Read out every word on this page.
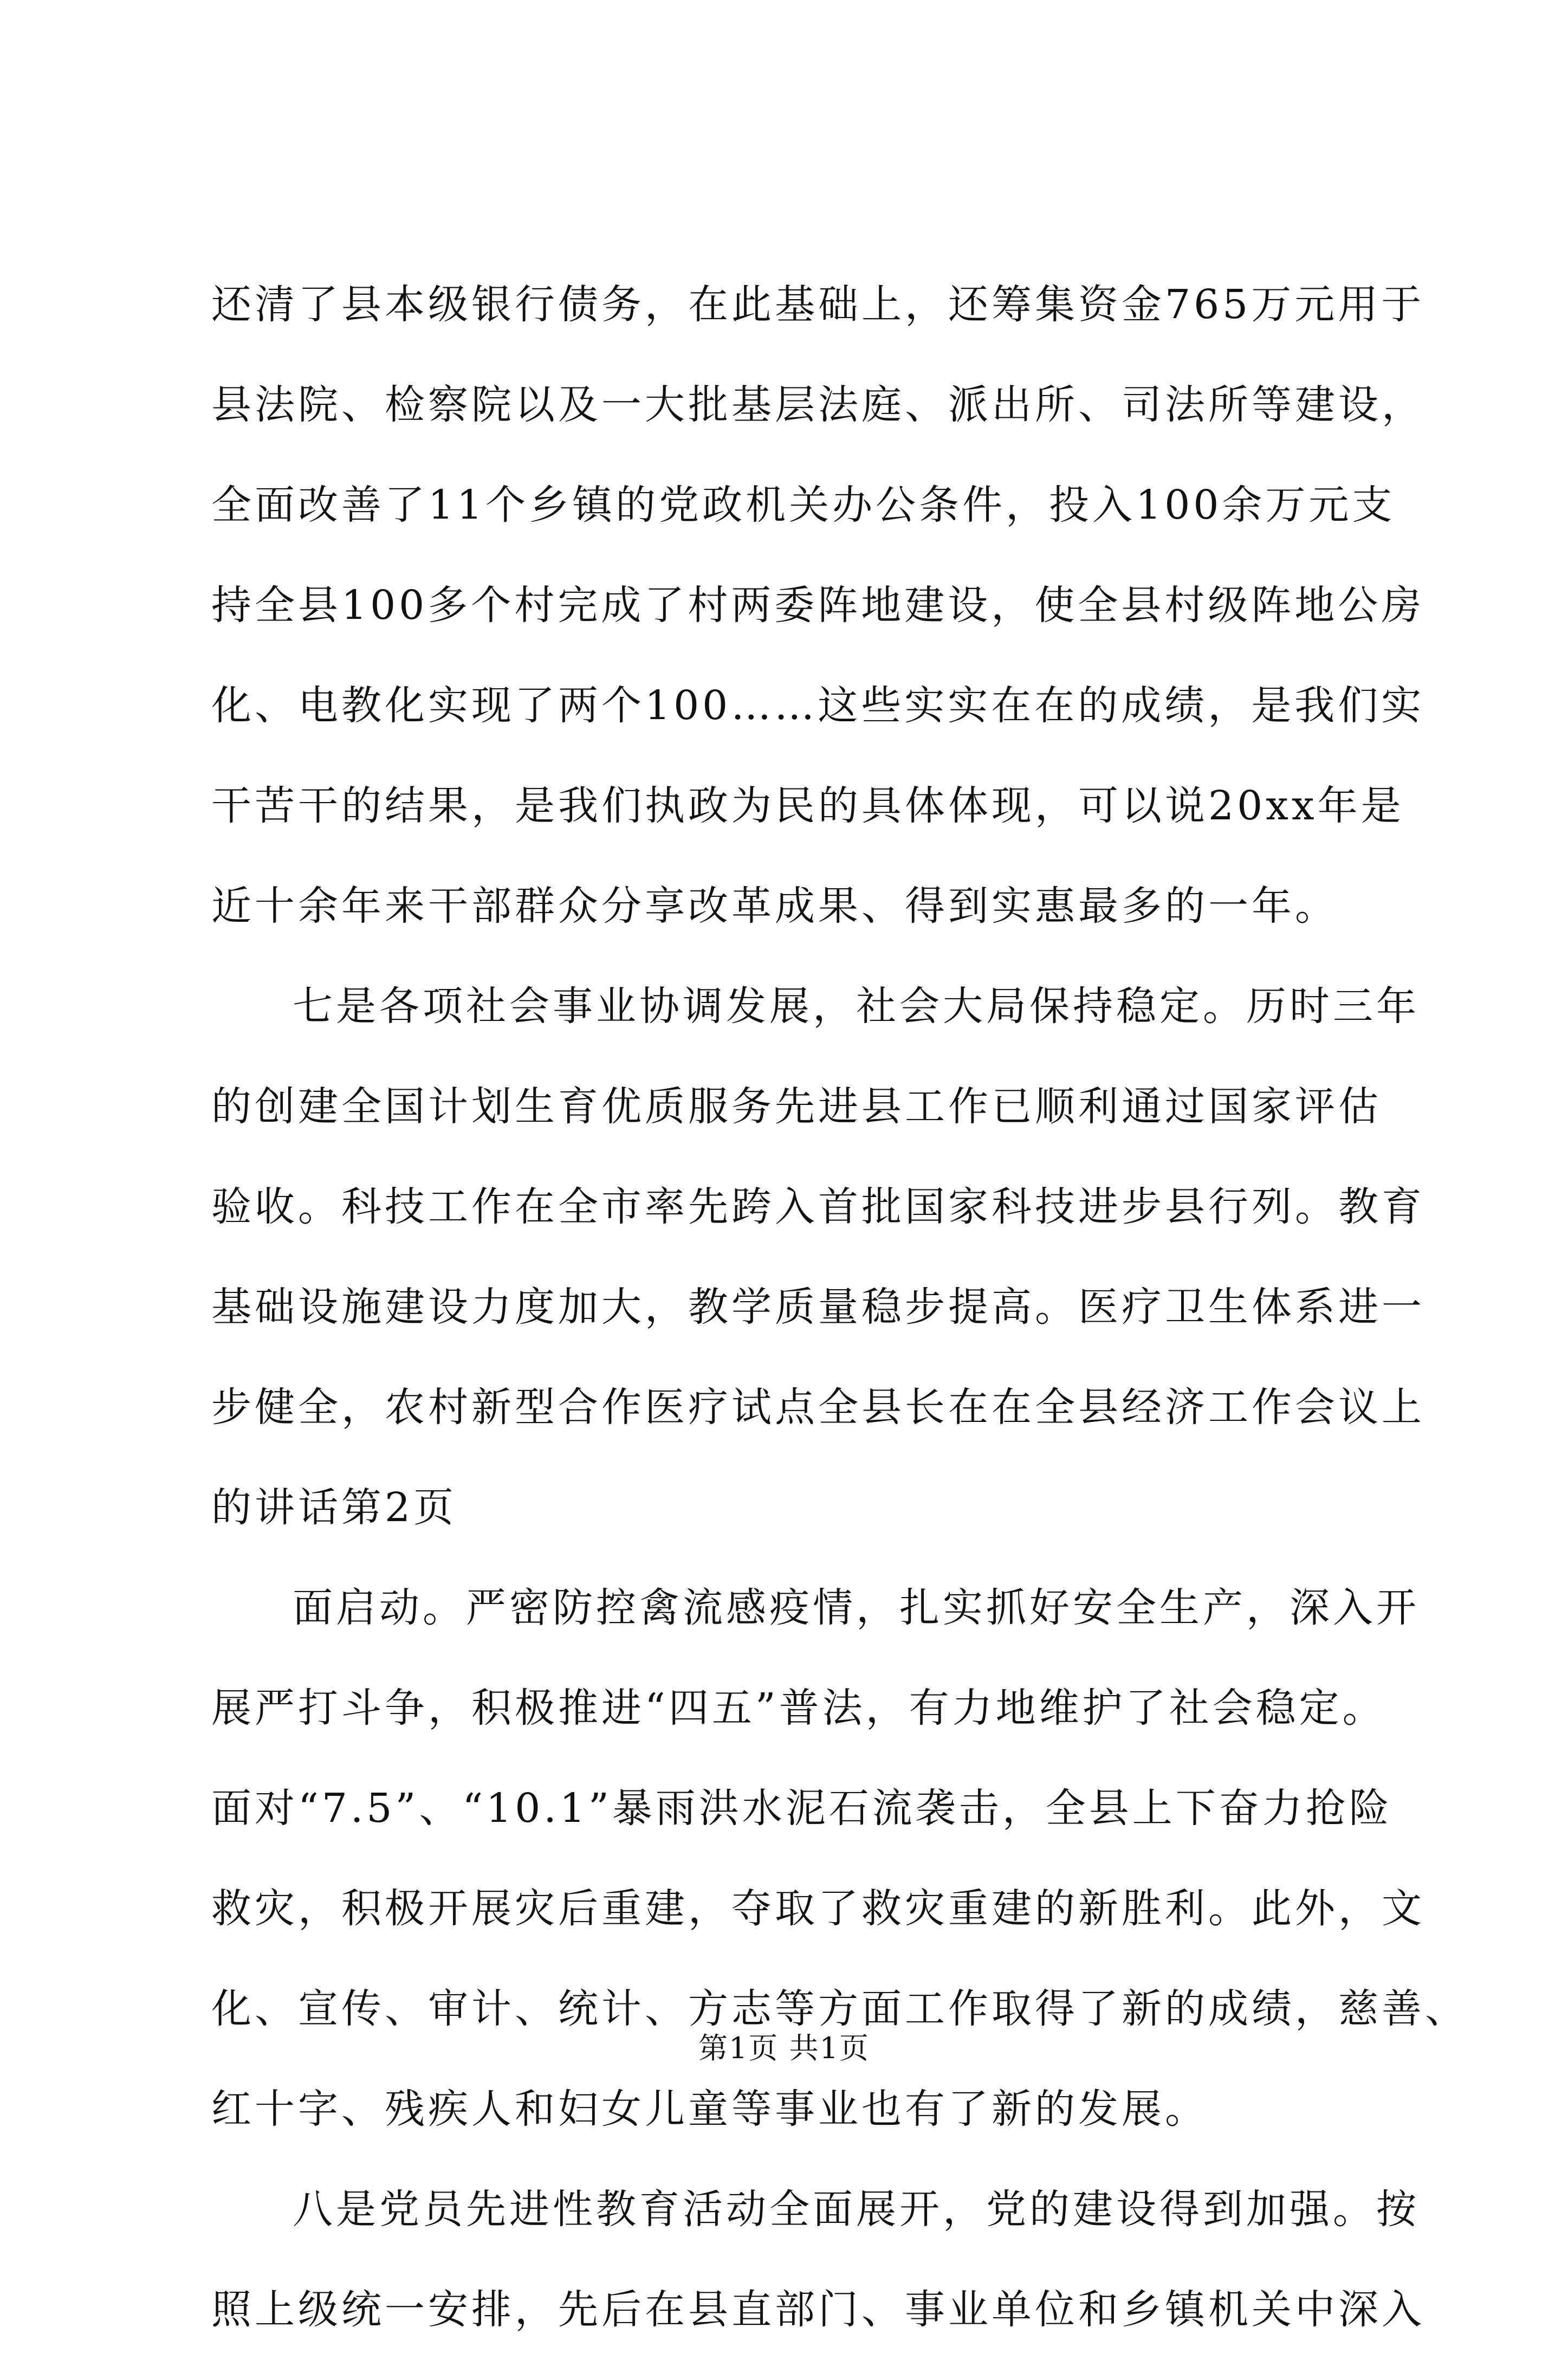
还清了县本级银行债务，在此基础上，还筹集资金765万元用于
县法院、检察院以及一大批基层法庭、派出所、司法所等建设，
全面改善了11个乡镇的党政机关办公条件，投入100余万元支
持全县100多个村完成了村两委阵地建设，使全县村级阵地公房
化、电教化实现了两个100……这些实实在在的成绩，是我们实
干苦干的结果，是我们执政为民的具体体现，可以说20xx年是
近十余年来干部群众分享改革成果、得到实惠最多的一年。
七是各项社会事业协调发展，社会大局保持稳定。历时三年
的创建全国计划生育优质服务先进县工作已顺利通过国家评估
验收。科技工作在全市率先跨入首批国家科技进步县行列。教育
基础设施建设力度加大，教学质量稳步提高。医疗卫生体系进一
步健全，农村新型合作医疗试点全县长在在全县经济工作会议上
的讲话第2页
面启动。严密防控禽流感疫情，扎实抓好安全生产，深入开
展严打斗争，积极推进“四五”普法，有力地维护了社会稳定。
面对“7.5”、“10.1”暴雨洪水泥石流袭击，全县上下奋力抢险
救灾，积极开展灾后重建，夺取了救灾重建的新胜利。此外，文
化、宣传、审计、统计、方志等方面工作取得了新的成绩，慈善、
红十字、残疾人和妇女儿童等事业也有了新的发展。
八是党员先进性教育活动全面展开，党的建设得到加强。按
照上级统一安排，先后在县直部门、事业单位和乡镇机关中深入
第1页 共1页
